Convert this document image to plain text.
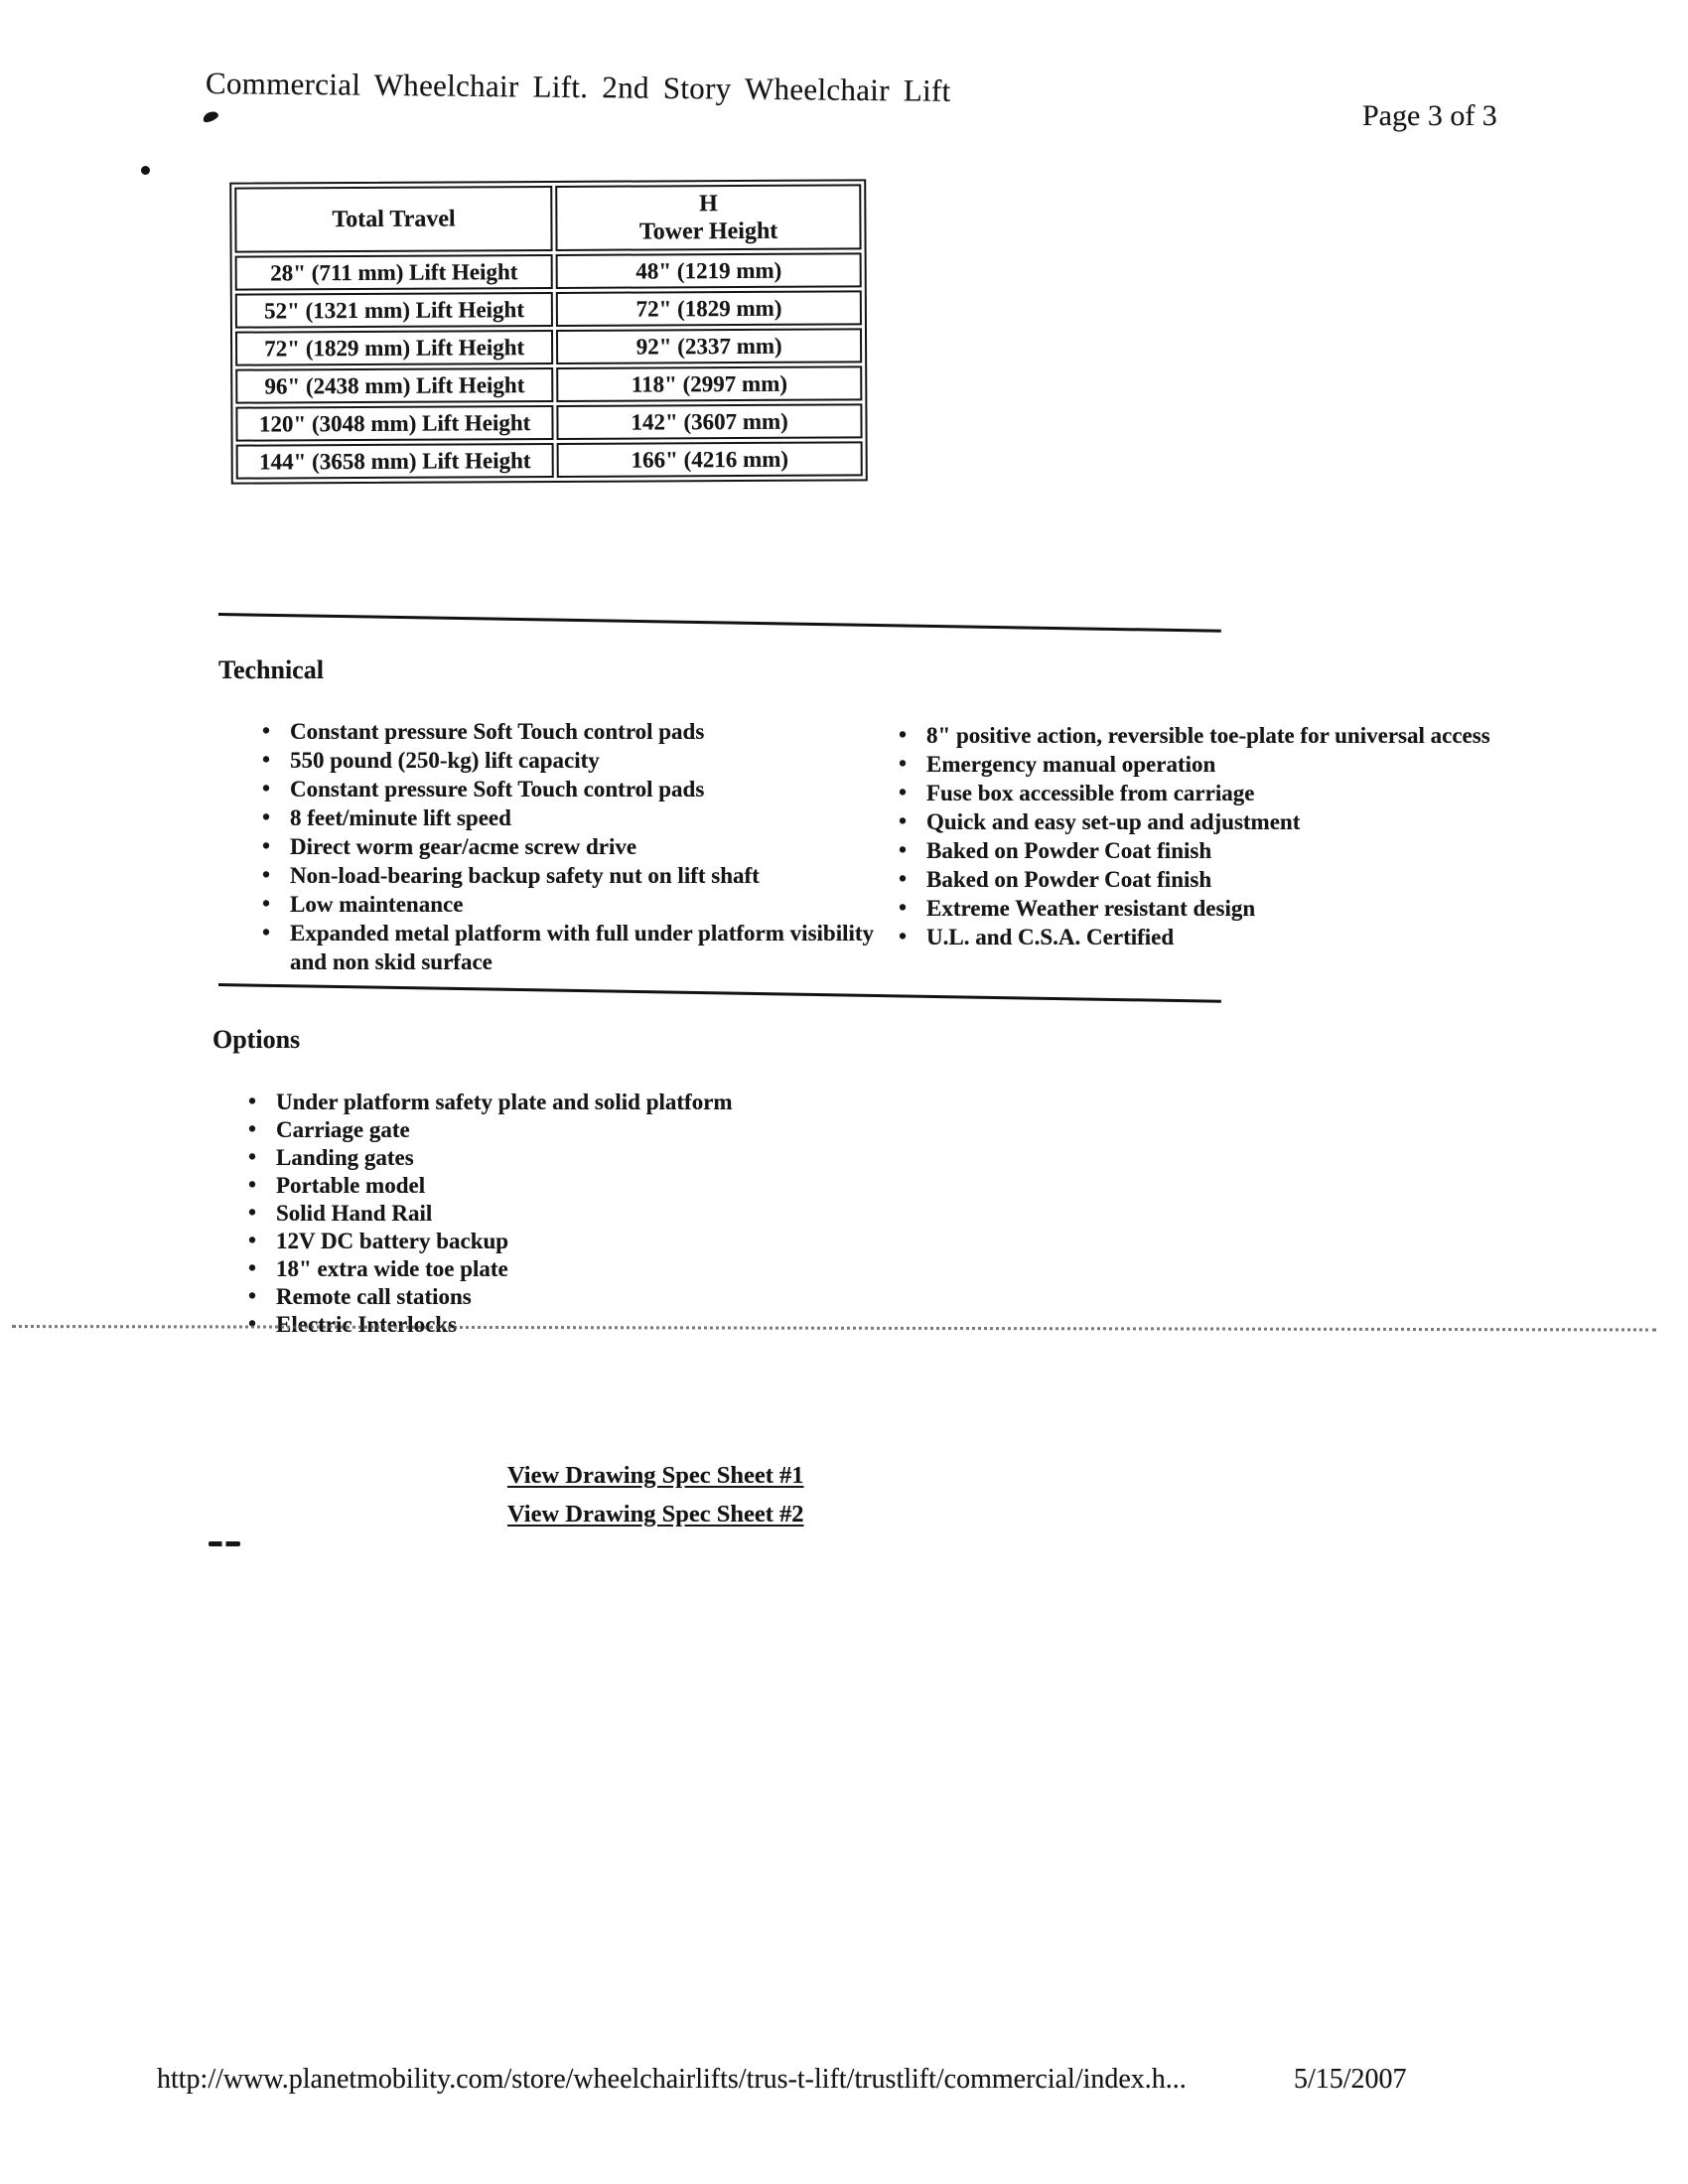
Commercial Wheelchair Lift. 2nd Story Wheelchair Lift
Page 3 of 3
Total Travel	H
Tower Height

28" (711 mm) Lift Height	48" (1219 mm)
52" (1321 mm) Lift Height	72" (1829 mm)
72" (1829 mm) Lift Height	92" (2337 mm)
96" (2438 mm) Lift Height	118" (2997 mm)
120" (3048 mm) Lift Height	142" (3607 mm)
144" (3658 mm) Lift Height	166" (4216 mm)
Technical
• Constant pressure Soft Touch control pads
• 550 pound (250-kg) lift capacity
• Constant pressure Soft Touch control pads
• 8 feet/minute lift speed
• Direct worm gear/acme screw drive
• Non-load-bearing backup safety nut on lift shaft
• Low maintenance
• Expanded metal platform with full under platform visibility and non skid surface
• 8" positive action, reversible toe-plate for universal access
• Emergency manual operation
• Fuse box accessible from carriage
• Quick and easy set-up and adjustment
• Baked on Powder Coat finish
• Baked on Powder Coat finish
• Extreme Weather resistant design
• U.L. and C.S.A. Certified
Options
• Under platform safety plate and solid platform
• Carriage gate
• Landing gates
• Portable model
• Solid Hand Rail
• 12V DC battery backup
• 18" extra wide toe plate
• Remote call stations
• Electric Interlocks
View Drawing Spec Sheet #1
View Drawing Spec Sheet #2
http://www.planetmobility.com/store/wheelchairlifts/trus-t-lift/trustlift/commercial/index.h...	5/15/2007
